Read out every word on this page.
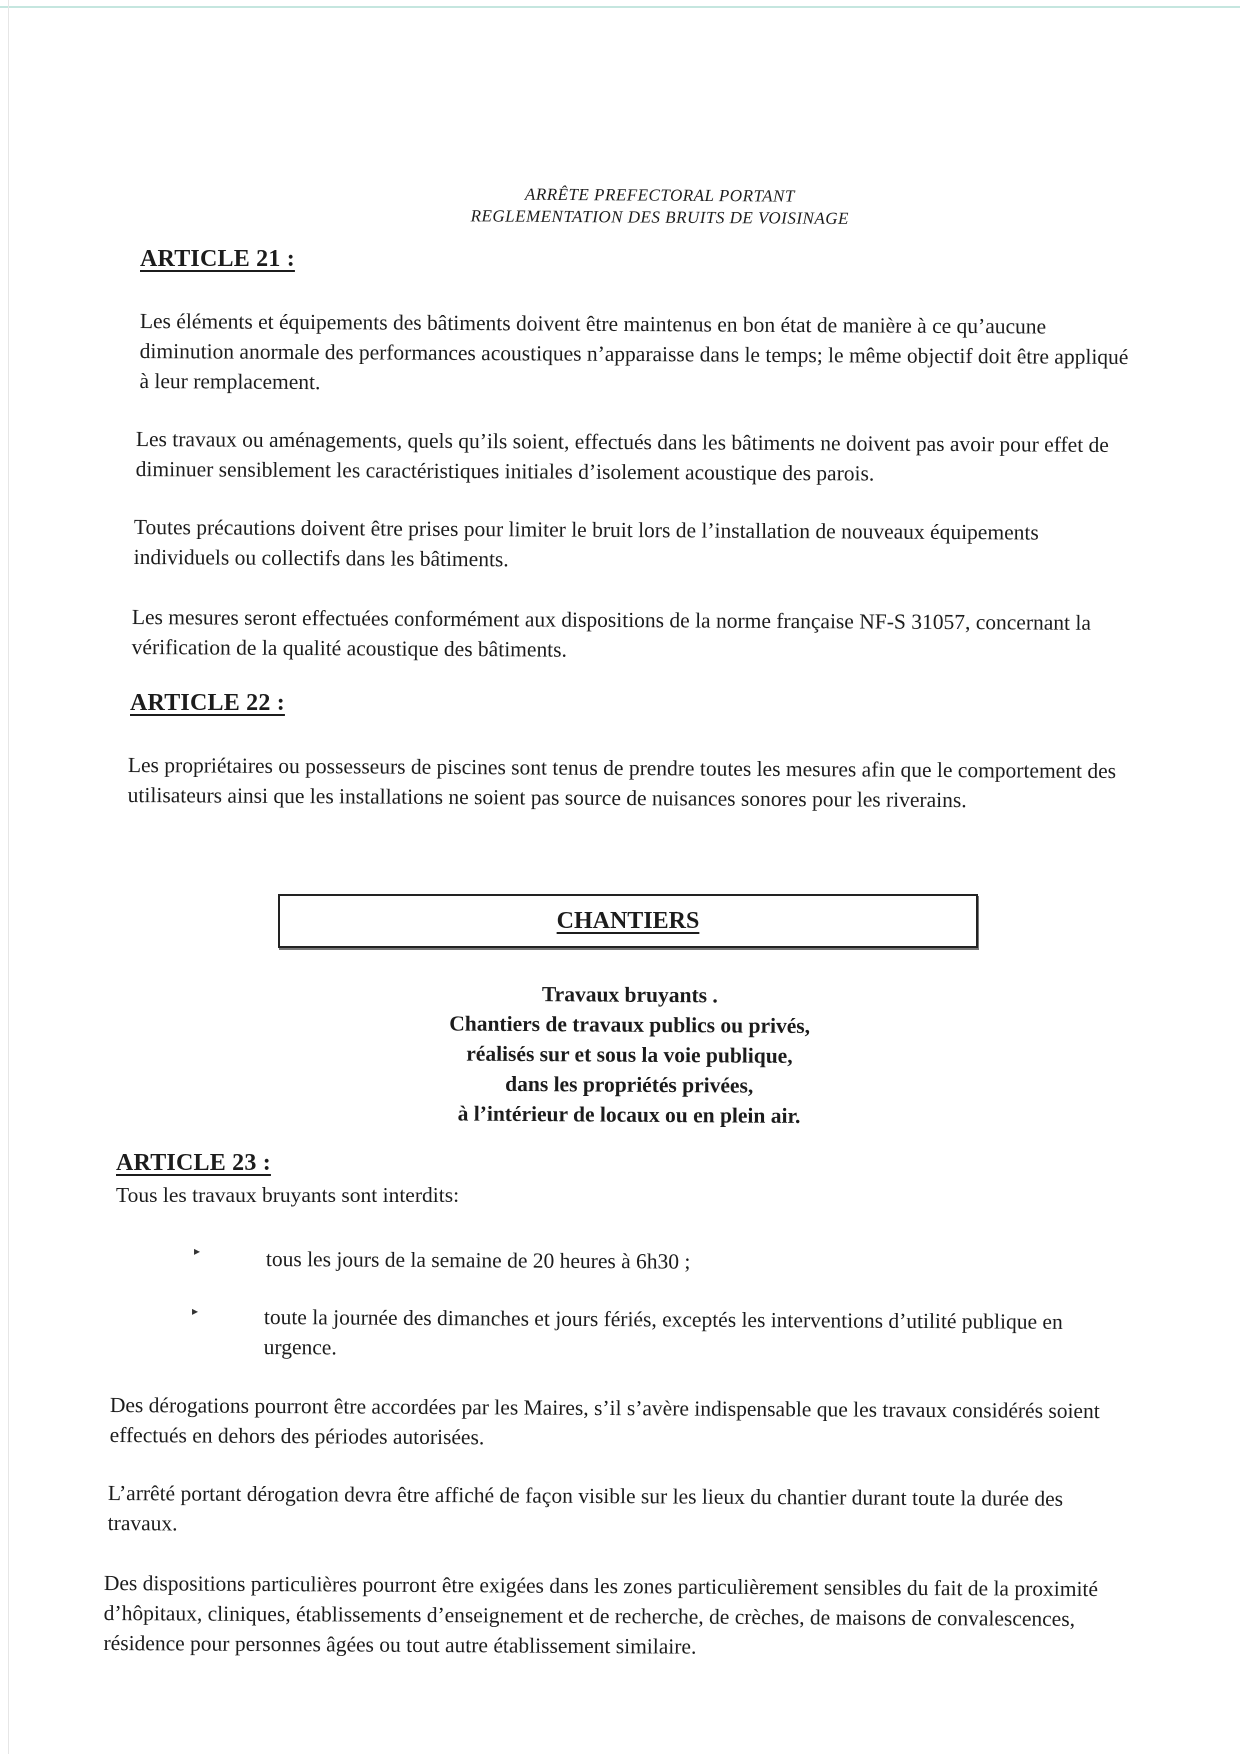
ARRÊTE PREFECTORAL PORTANT
REGLEMENTATION DES BRUITS DE VOISINAGE
ARTICLE 21 :
Les éléments et équipements des bâtiments doivent être maintenus en bon état de manière à ce qu’aucune diminution anormale des performances acoustiques n’apparaisse dans le temps; le même objectif doit être appliqué à leur remplacement.
Les travaux ou aménagements, quels qu’ils soient, effectués dans les bâtiments ne doivent pas avoir pour effet de diminuer sensiblement les caractéristiques initiales d’isolement acoustique des parois.
Toutes précautions doivent être prises pour limiter le bruit lors de l’installation de nouveaux équipements individuels ou collectifs dans les bâtiments.
Les mesures seront effectuées conformément aux dispositions de la norme française NF-S 31057, concernant la vérification de la qualité acoustique des bâtiments.
ARTICLE 22 :
Les propriétaires ou possesseurs de piscines sont tenus de prendre toutes les mesures afin que le comportement des utilisateurs ainsi que les installations ne soient pas source de nuisances sonores pour les riverains.
CHANTIERS
Travaux bruyants .
Chantiers de travaux publics ou privés,
réalisés sur et sous la voie publique,
dans les propriétés privées,
à l’intérieur de locaux ou en plein air.
ARTICLE 23 :
Tous les travaux bruyants sont interdits:
▸	tous les jours de la semaine de 20 heures à 6h30 ;
▸	toute la journée des dimanches et jours fériés, exceptés les interventions d’utilité publique en urgence.
Des dérogations pourront être accordées par les Maires, s’il s’avère indispensable que les travaux considérés soient effectués en dehors des périodes autorisées.
L’arrêté portant dérogation devra être affiché de façon visible sur les lieux du chantier durant toute la durée des travaux.
Des dispositions particulières pourront être exigées dans les zones particulièrement sensibles du fait de la proximité d’hôpitaux, cliniques, établissements d’enseignement et de recherche, de crèches, de maisons de convalescences, résidence pour personnes âgées ou tout autre établissement similaire.
